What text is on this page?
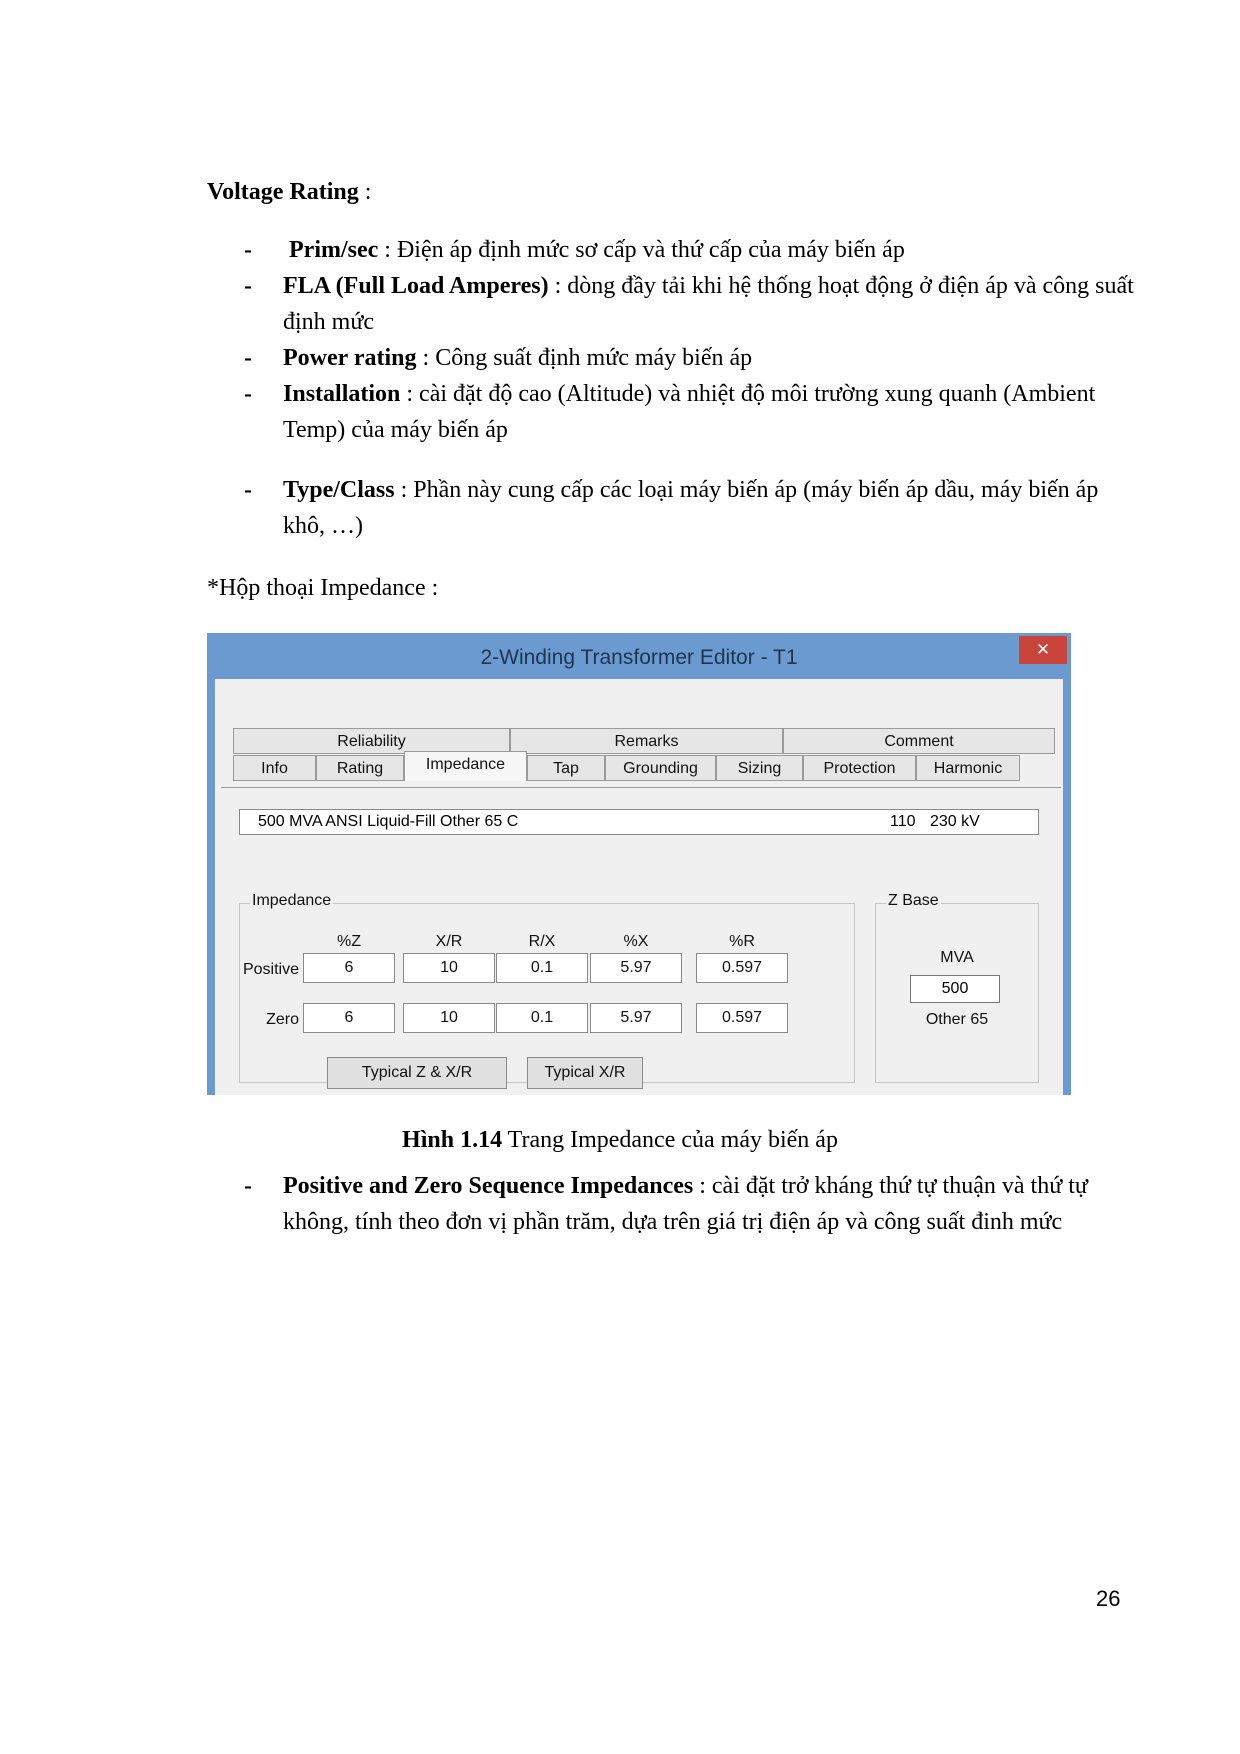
Voltage Rating :
- Prim/sec : Điện áp định mức sơ cấp và thứ cấp của máy biến áp
- FLA (Full Load Amperes) : dòng đầy tải khi hệ thống hoạt động ở điện áp và công suất định mức
- Power rating : Công suất định mức máy biến áp
- Installation : cài đặt độ cao (Altitude) và nhiệt độ môi trường xung quanh (Ambient Temp) của máy biến áp
- Type/Class : Phần này cung cấp các loại máy biến áp (máy biến áp dầu, máy biến áp khô, …)
*Hộp thoại Impedance :
2-Winding Transformer Editor - T1	✕
Reliability	Remarks	Comment
Info	Rating	Impedance	Tap	Grounding	Sizing	Protection	Harmonic
500 MVA ANSI Liquid-Fill Other 65 C	110 230 kV
Impedance
%Z	X/R	R/X	%X	%R
Positive	6	10	0.1	5.97	0.597
Zero	6	10	0.1	5.97	0.597
Typical Z & X/R	Typical X/R
Z Base
MVA
500
Other 65
Hình 1.14 Trang Impedance của máy biến áp
- Positive and Zero Sequence Impedances : cài đặt trở kháng thứ tự thuận và thứ tự không, tính theo đơn vị phần trăm, dựa trên giá trị điện áp và công suất đinh mức
26
